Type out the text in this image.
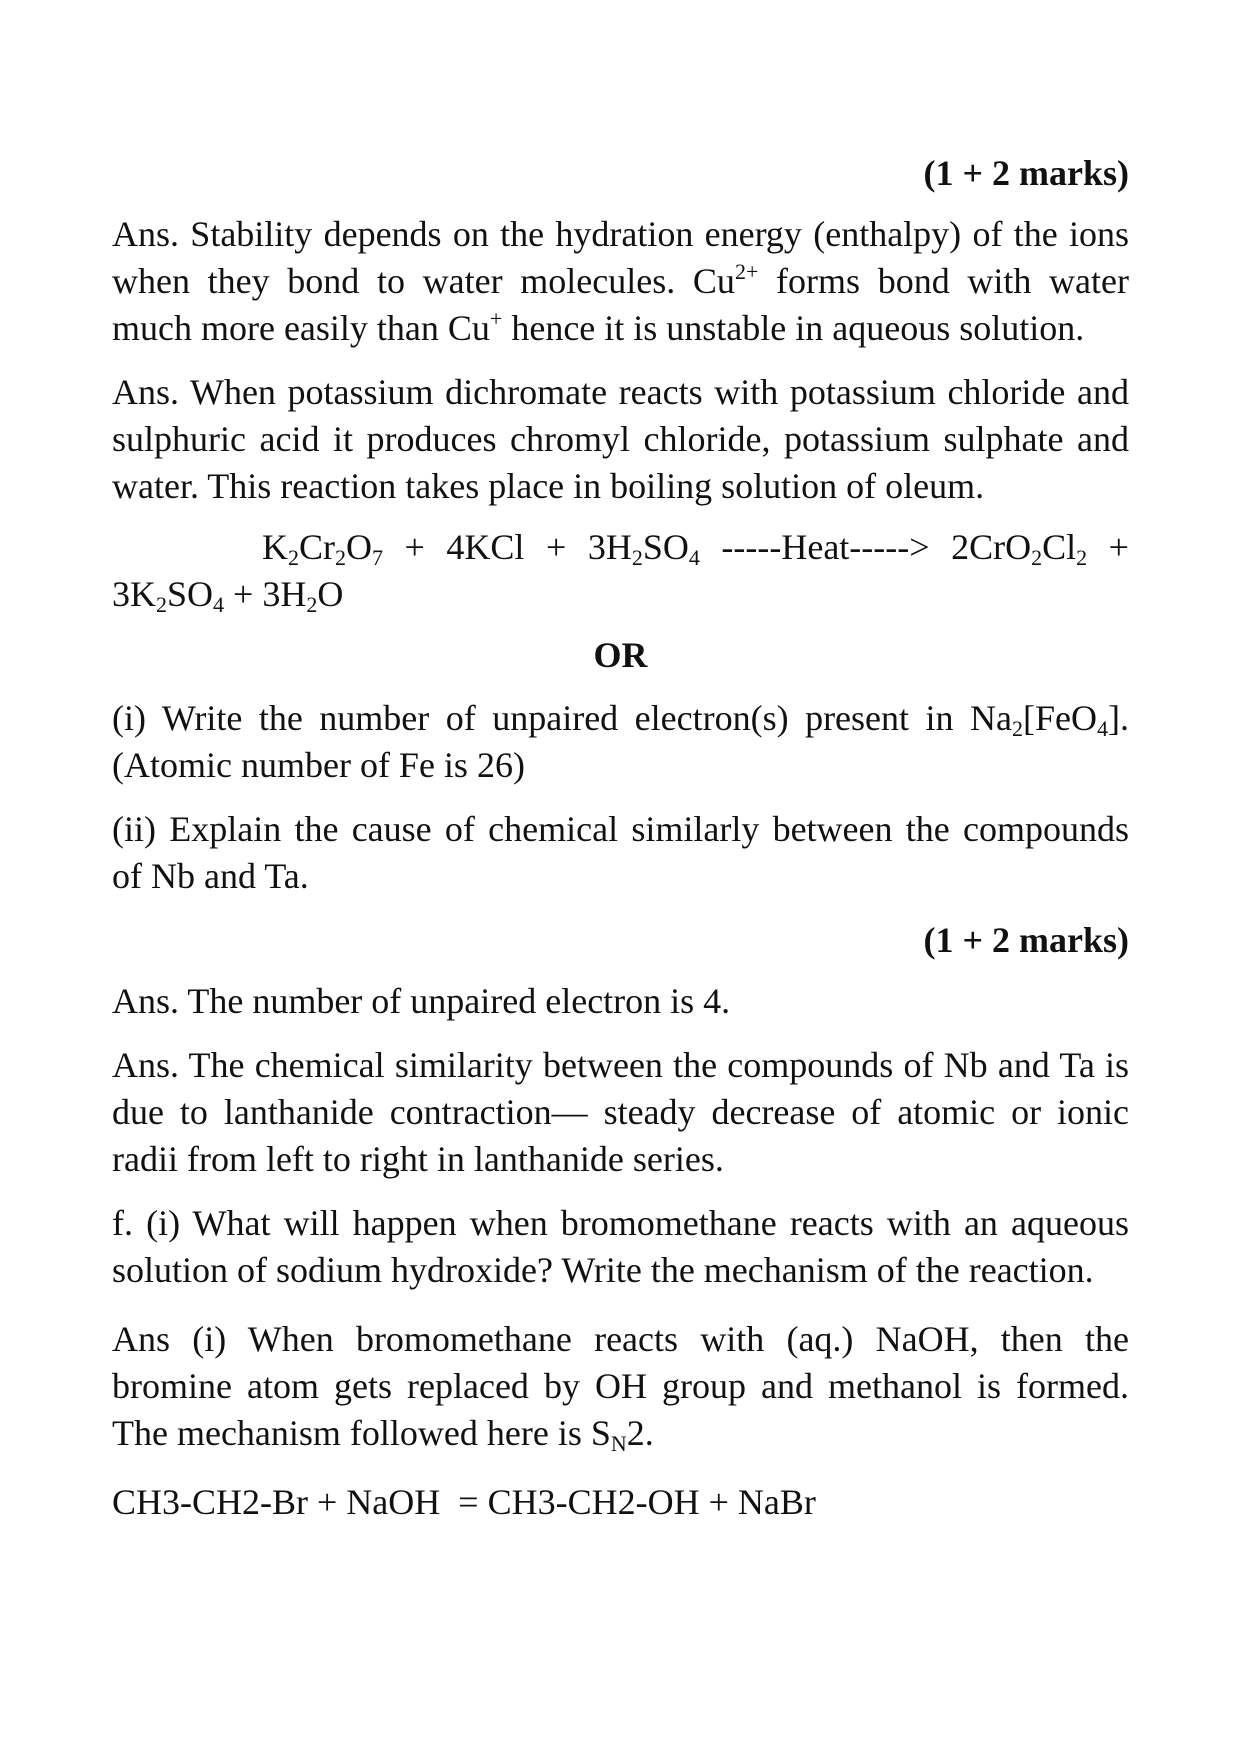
(1 + 2 marks)

Ans. Stability depends on the hydration energy (enthalpy) of the ions when they bond to water molecules. $Cu^{2+}$ forms bond with water much more easily than Cu+ hence it is unstable in aqueous solution.

Ans. When potassium dichromate reacts with potassium chloride and sulphuric acid it produces chromyl chloride, potassium sulphate and water. This reaction takes place in boiling solution of oleum.

$K_2Cr_2O_7 + 4KCl + 3H_2SO_4$ -----Heat-----> $2CrO_2Cl_2$ +

$3K_2SO_4 + 3H_2O$

OR

(i) Write the number of unpaired electron(s) present in $Na_2[FeO_4]$. (Atomic number of Fe is 26)

(ii) Explain the cause of chemical similarly between the compounds of Nb and Ta.

(1 + 2 marks)

Ans. The number of unpaired electron is 4.

Ans. The chemical similarity between the compounds of Nb and Ta is due to lanthanide contraction— steady decrease of atomic or ionic radii from left to right in lanthanide series.

f. (i) What will happen when bromomethane reacts with an aqueous solution of sodium hydroxide? Write the mechanism of the reaction.

Ans (i) When bromomethane reacts with (aq.) NaOH, then the bromine atom gets replaced by OH group and methanol is formed. The mechanism followed here is $S_N2$.

CH3-CH2-Br + NaOH  = CH3-CH2-OH + NaBr
